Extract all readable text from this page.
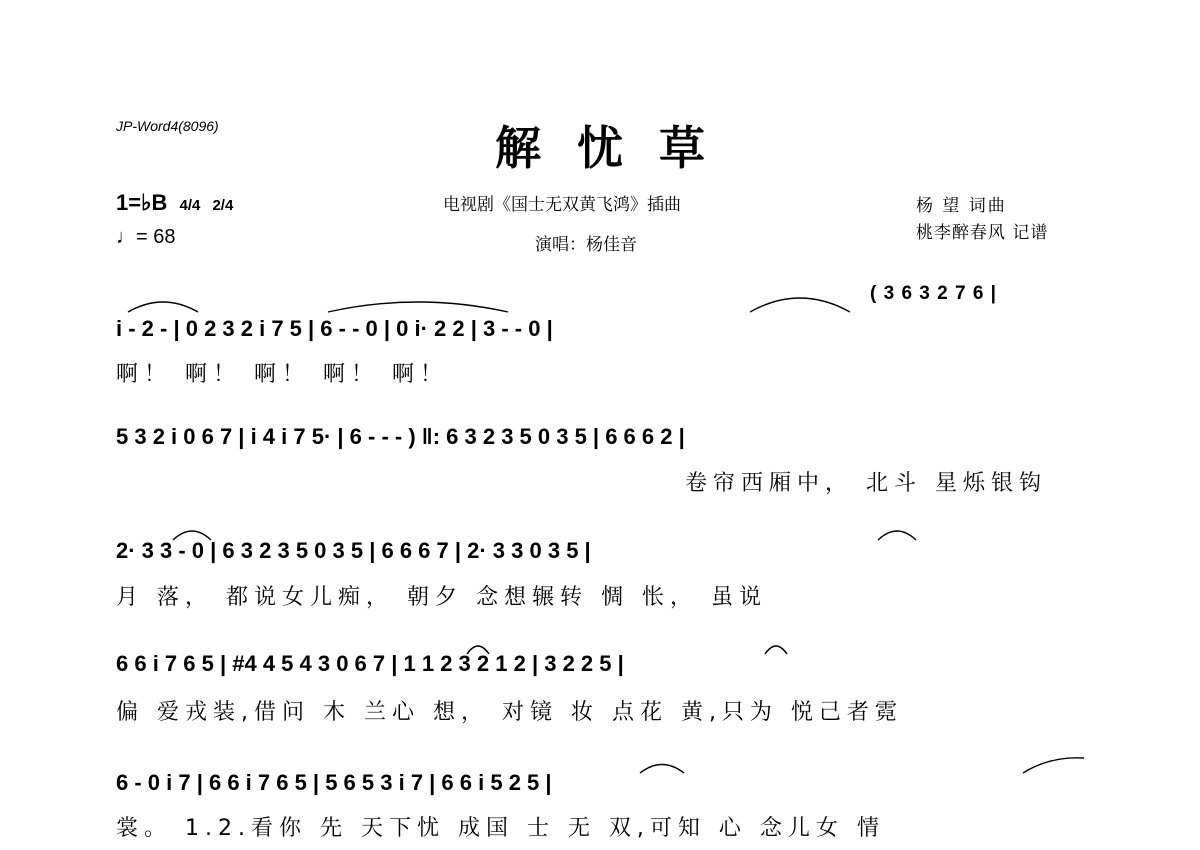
JP-Word4(8096)	解忧草
1=♭B 4/4 2/4
♩= 68
电视剧《国士无双黄飞鸿》插曲
演唱：杨佳音
杨 望 词曲
桃李醉春风 记谱
( 3 6 3 2 7 6 |
i - 2 - | 0 2 3 2 i 7 5 | 6 - - 0 | 0 i· 2 2 | 3 - - 0 |
啊！ 啊！ 啊！ 啊！ 啊！
5 3 2 i 0 6 7 | i 4 i 7 5· | 6 - - - ) ‖: 6 3 2 3 5 0 3 5 | 6 6 6 2 |
卷帘西厢中， 北斗 星烁银钩
2· 3 3 - 0 | 6 3 2 3 5 0 3 5 | 6 6 6 7 | 2· 3 3 0 3 5 |
月 落， 都说女儿痴， 朝夕 念想辗转 惆 怅， 虽说
6 6 i 7 6 5 | #4 4 5 4 3 0 6 7 | 1 1 2 3 2 1 2 | 3 2 2 5 |
偏 爱戎装,借问 木 兰心 想， 对镜 妆 点花 黄,只为 悦己者霓
6 - 0 i 7 | 6 6 i 7 6 5 | 5 6 5 3 i 7 | 6 6 i 5 2 5 |
裳。 1.2.看你 先 天下忧 成国 士 无 双,可知 心 念儿女 情
